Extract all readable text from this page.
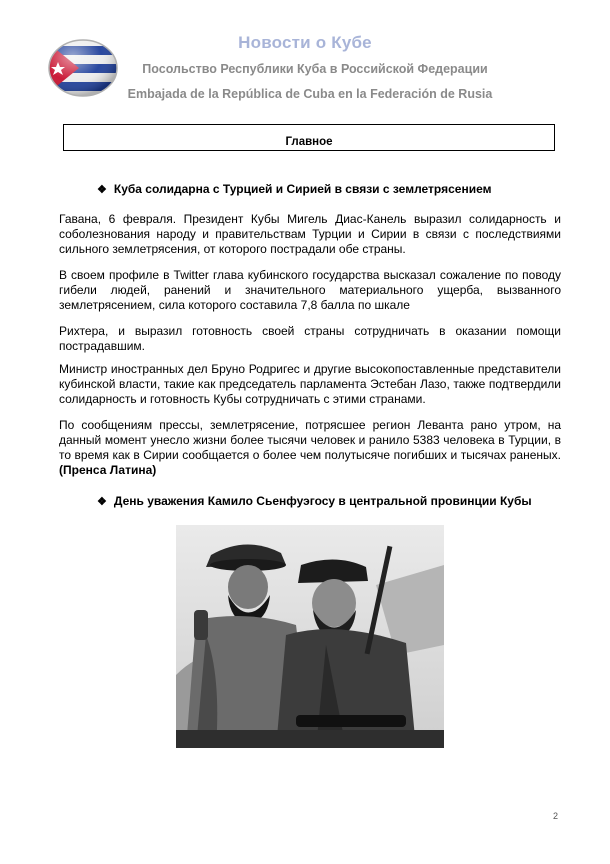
Новости о Кубе
Посольство Республики Куба в Российской Федерации
Embajada de la República de Cuba en la Federación de Rusia
Главное
❖ Куба солидарна с Турцией и Сирией в связи с землетрясением
Гавана, 6 февраля. Президент Кубы Мигель Диас-Канель выразил солидарность и соболезнования народу и правительствам Турции и Сирии в связи с последствиями сильного землетрясения, от которого пострадали обе страны.
В своем профиле в Twitter глава кубинского государства высказал сожаление по поводу гибели людей, ранений и значительного материального ущерба, вызванного землетрясением, сила которого составила 7,8 балла по шкале
Рихтера, и выразил готовность своей страны сотрудничать в оказании помощи пострадавшим.
Министр иностранных дел Бруно Родригес и другие высокопоставленные представители кубинской власти, такие как председатель парламента Эстебан Лазо, также подтвердили солидарность и готовность Кубы сотрудничать с этими странами.
По сообщениям прессы, землетрясение, потрясшее регион Леванта рано утром, на данный момент унесло жизни более тысячи человек и ранило 5383 человека в Турции, в то время как в Сирии сообщается о более чем полутысяче погибших и тысячах раненых. (Пренса Латина)
❖ День уважения Камило Сьенфуэгосу в центральной провинции Кубы
2
